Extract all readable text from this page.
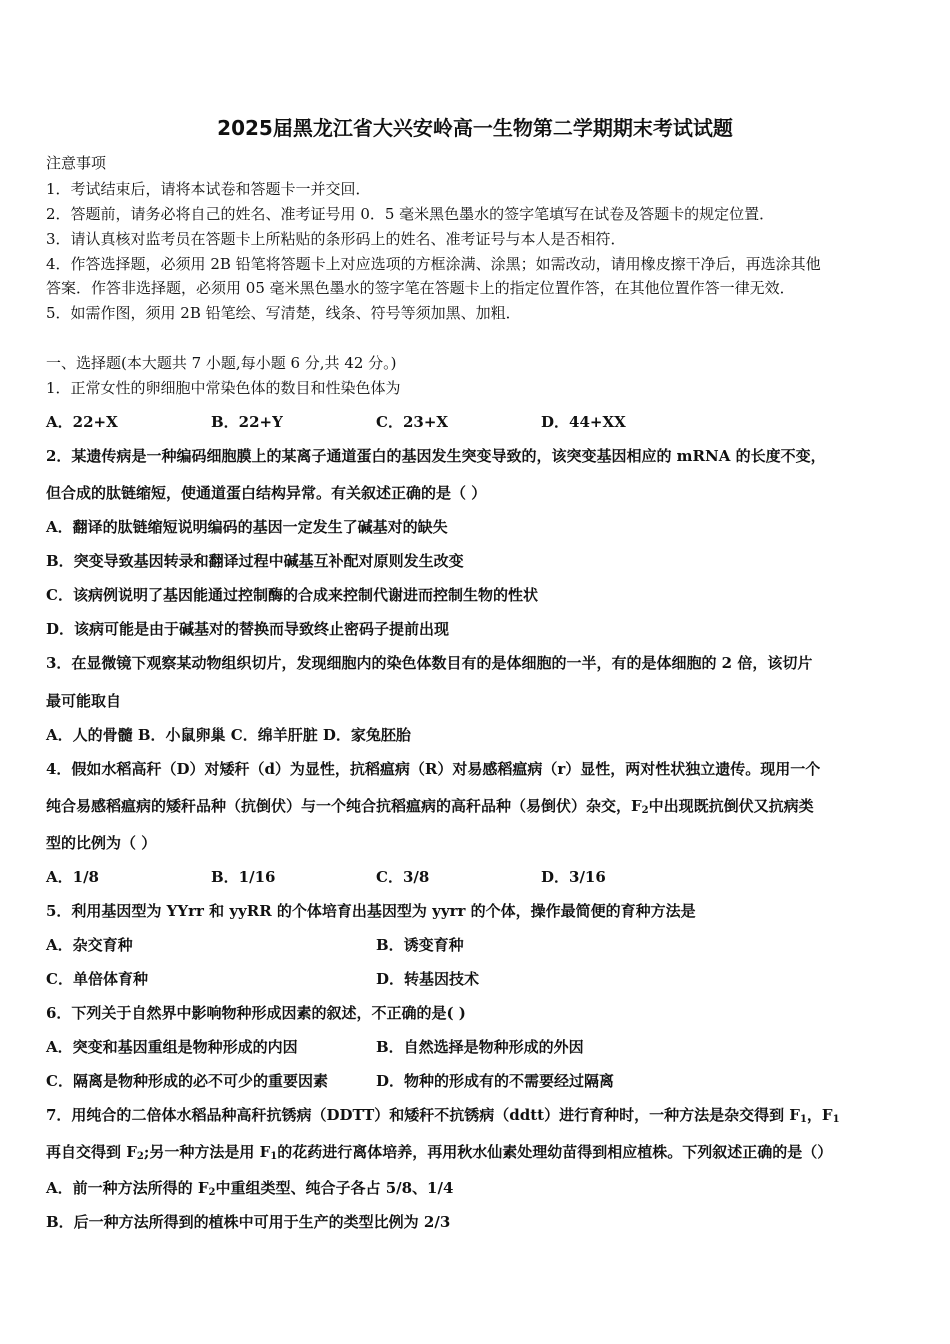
2025届黑龙江省大兴安岭高一生物第二学期期末考试试题
注意事项
1．考试结束后，请将本试卷和答题卡一并交回．
2．答题前，请务必将自己的姓名、准考证号用 0．5 毫米黑色墨水的签字笔填写在试卷及答题卡的规定位置．
3．请认真核对监考员在答题卡上所粘贴的条形码上的姓名、准考证号与本人是否相符．
4．作答选择题，必须用 2B 铅笔将答题卡上对应选项的方框涂满、涂黑；如需改动，请用橡皮擦干净后，再选涂其他
答案．作答非选择题，必须用 05 毫米黑色墨水的签字笔在答题卡上的指定位置作答，在其他位置作答一律无效．
5．如需作图，须用 2B 铅笔绘、写清楚，线条、符号等须加黑、加粗．
一、选择题(本大题共 7 小题,每小题 6 分,共 42 分。)
1．正常女性的卵细胞中常染色体的数目和性染色体为
A．22+X	B．22+Y	C．23+X	D．44+XX
2．某遗传病是一种编码细胞膜上的某离子通道蛋白的基因发生突变导致的，该突变基因相应的 mRNA 的长度不变，
但合成的肽链缩短，使通道蛋白结构异常。有关叙述正确的是（ ）
A．翻译的肽链缩短说明编码的基因一定发生了碱基对的缺失
B．突变导致基因转录和翻译过程中碱基互补配对原则发生改变
C．该病例说明了基因能通过控制酶的合成来控制代谢进而控制生物的性状
D．该病可能是由于碱基对的替换而导致终止密码子提前出现
3．在显微镜下观察某动物组织切片，发现细胞内的染色体数目有的是体细胞的一半，有的是体细胞的 2 倍，该切片
最可能取自
A．人的骨髓 B．小鼠卵巢 C．绵羊肝脏 D．家兔胚胎
4．假如水稻高秆（D）对矮秆（d）为显性，抗稻瘟病（R）对易感稻瘟病（r）显性，两对性状独立遗传。现用一个
纯合易感稻瘟病的矮秆品种（抗倒伏）与一个纯合抗稻瘟病的高秆品种（易倒伏）杂交，$F_2$中出现既抗倒伏又抗病类
型的比例为（ ）
A．1/8	B．1/16	C．3/8	D．3/16
5．利用基因型为 YYrr 和 yyRR 的个体培育出基因型为 yyrr 的个体，操作最简便的育种方法是
A．杂交育种	B．诱变育种
C．单倍体育种	D．转基因技术
6．下列关于自然界中影响物种形成因素的叙述，不正确的是( )
A．突变和基因重组是物种形成的内因	B．自然选择是物种形成的外因
C．隔离是物种形成的必不可少的重要因素	D．物种的形成有的不需要经过隔离
7．用纯合的二倍体水稻品种高秆抗锈病（DDTT）和矮秆不抗锈病（ddtt）进行育种时，一种方法是杂交得到 $F_1$，$F_1$
再自交得到 $F_2$;另一种方法是用 $F_1$的花药进行离体培养，再用秋水仙素处理幼苗得到相应植株。下列叙述正确的是（）
A．前一种方法所得的 $F_2$中重组类型、纯合子各占 5/8、1/4
B．后一种方法所得到的植株中可用于生产的类型比例为 2/3
